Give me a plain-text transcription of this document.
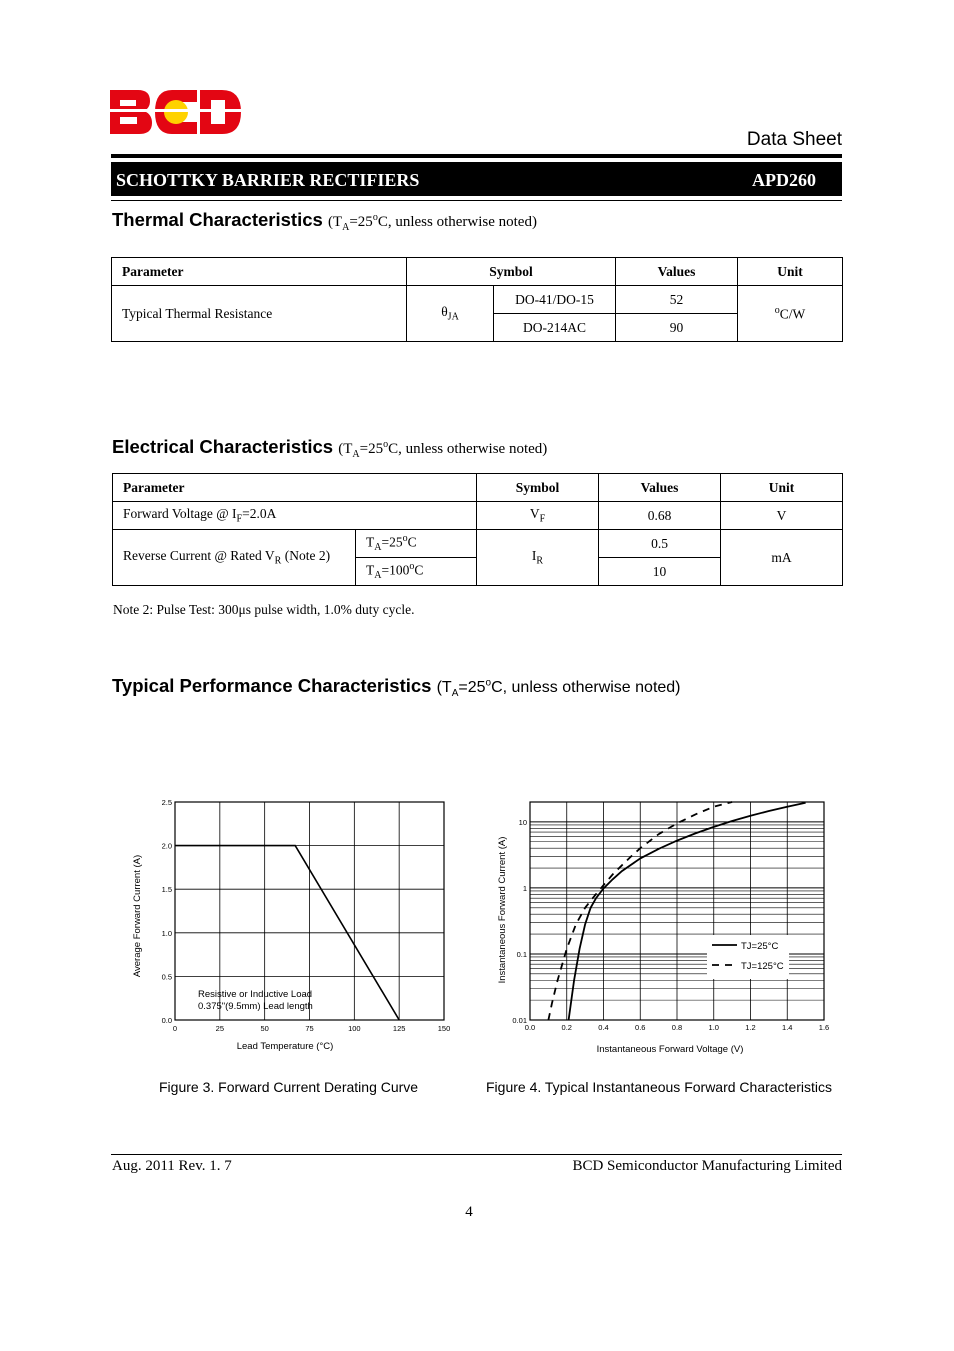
Data Sheet
SCHOTTKY BARRIER RECTIFIERS	APD260
Thermal Characteristics ($T_A=25^oC$, unless otherwise noted)
Parameter	Symbol		Values	Unit
Typical Thermal Resistance	$\theta_{JA}$	DO-41/DO-15	52	$^o$C/W
		DO-214AC	90	
Electrical Characteristics ($T_A=25^oC$, unless otherwise noted)
Parameter		Symbol	Values	Unit
Forward Voltage @ $I_F=2.0A$		$V_F$	0.68	V
Reverse Current @ Rated $V_R$ (Note 2)	$T_A=25^oC$	$I_R$	0.5	mA
	$T_A=100^oC$		10	
Note 2: Pulse Test: 300μs pulse width, 1.0% duty cycle.
Typical Performance Characteristics ($T_A=25^oC$, unless otherwise noted)
0	25	50	75	100	125	150
0.0
0.5
1.0
1.5
2.0
2.5
Resistive or Inductive Load
0.375"(9.5mm) Lead length
Lead Temperature (°C)
Average Forward Current (A)
0.0	0.2	0.4	0.6	0.8	1.0	1.2	1.4	1.6
0.01
0.1
1
10
TJ=25°C
TJ=125°C
Instantaneous Forward Voltage (V)
Instantaneous Forward Current (A)
Figure 3. Forward Current Derating Curve	Figure 4. Typical Instantaneous Forward Characteristics
Aug. 2011 Rev. 1. 7	BCD Semiconductor Manufacturing Limited
4
